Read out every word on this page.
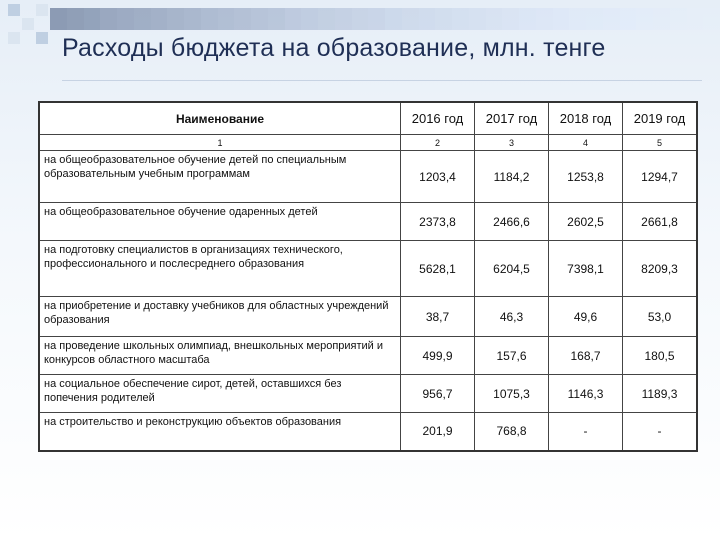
Расходы бюджета на образование, млн. тенге
Наименование	2016 год	2017 год	2018 год	2019 год
1	2	3	4	5
на общеобразовательное обучение детей по специальным образовательным учебным программам	1203,4	1184,2	1253,8	1294,7
на общеобразовательное обучение одаренных детей	2373,8	2466,6	2602,5	2661,8
на подготовку специалистов в организациях технического, профессионального и послесреднего образования	5628,1	6204,5	7398,1	8209,3
на приобретение и доставку учебников для областных учреждений образования	38,7	46,3	49,6	53,0
на проведение школьных олимпиад, внешкольных мероприятий и конкурсов областного масштаба	499,9	157,6	168,7	180,5
на социальное обеспечение сирот, детей, оставшихся без попечения родителей	956,7	1075,3	1146,3	1189,3
на строительство и реконструкцию объектов образования	201,9	768,8	-	-
